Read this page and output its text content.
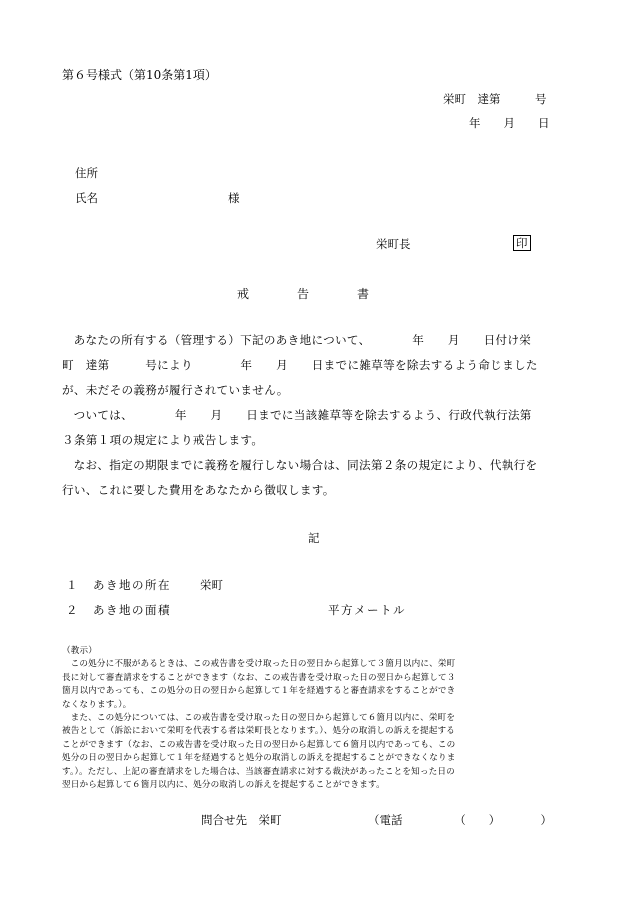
第６号様式（第10条第1項）
栄町　達第　　　号
年　　月　　日
住所
氏名	様
栄町長	印
戒　　　　告　　　　書
あなたの所有する（管理する）下記のあき地について、　　　　年　　月　　日付け栄
町　達第　　　号により　　　　年　　月　　日までに雑草等を除去するよう命じました
が、未だその義務が履行されていません。
ついては、　　　　年　　月　　日までに当該雑草等を除去するよう、行政代執行法第
３条第１項の規定により戒告します。
なお、指定の期限までに義務を履行しない場合は、同法第２条の規定により、代執行を
行い、これに要した費用をあなたから徴収します。
記
１ あき地の所在	栄町
２ あき地の面積	平方メートル
（教示）
この処分に不服があるときは、この戒告書を受け取った日の翌日から起算して３箇月以内に、栄町
長に対して審査請求をすることができます（なお、この戒告書を受け取った日の翌日から起算して３
箇月以内であっても、この処分の日の翌日から起算して１年を経過すると審査請求をすることができ
なくなります。）。
また、この処分については、この戒告書を受け取った日の翌日から起算して６箇月以内に、栄町を
被告として（訴訟において栄町を代表する者は栄町長となります。）、処分の取消しの訴えを提起する
ことができます（なお、この戒告書を受け取った日の翌日から起算して６箇月以内であっても、この
処分の日の翌日から起算して１年を経過すると処分の取消しの訴えを提起することができなくなりま
す。）。ただし、上記の審査請求をした場合は、当該審査請求に対する裁決があったことを知った日の
翌日から起算して６箇月以内に、処分の取消しの訴えを提起することができます。
問合せ先　栄町	（電話　　　　　（　　）　　　　）
